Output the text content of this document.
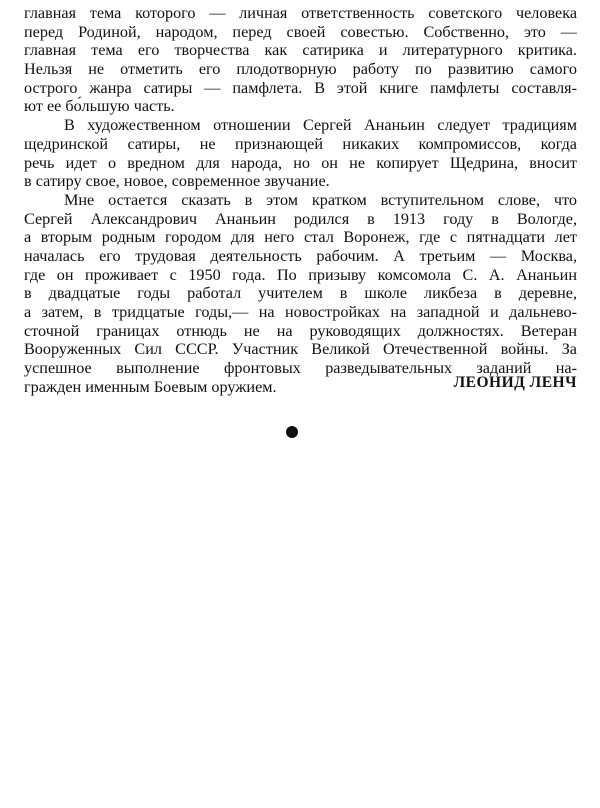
главная тема которого — личная ответственность советского человека
перед Родиной, народом, перед своей совестью. Собственно, это —
главная тема его творчества как сатирика и литературного критика.
Нельзя не отметить его плодотворную работу по развитию самого
острого жанра сатиры — памфлета. В этой книге памфлеты составля-
ют ее бо́льшую часть.
В художественном отношении Сергей Ананьин следует традициям
щедринской сатиры, не признающей никаких компромиссов, когда
речь идет о вредном для народа, но он не копирует Щедрина, вносит
в сатиру свое, новое, современное звучание.
Мне остается сказать в этом кратком вступительном слове, что
Сергей Александрович Ананьин родился в 1913 году в Вологде,
а вторым родным городом для него стал Воронеж, где с пятнадцати лет
началась его трудовая деятельность рабочим. А третьим — Москва,
где он проживает с 1950 года. По призыву комсомола С. А. Ананьин
в двадцатые годы работал учителем в школе ликбеза в деревне,
а затем, в тридцатые годы,— на новостройках на западной и дальнево-
сточной границах отнюдь не на руководящих должностях. Ветеран
Вооруженных Сил СССР. Участник Великой Отечественной войны. За
успешное выполнение фронтовых разведывательных заданий на-
гражден именным Боевым оружием.	ЛЕОНИД ЛЕНЧ
